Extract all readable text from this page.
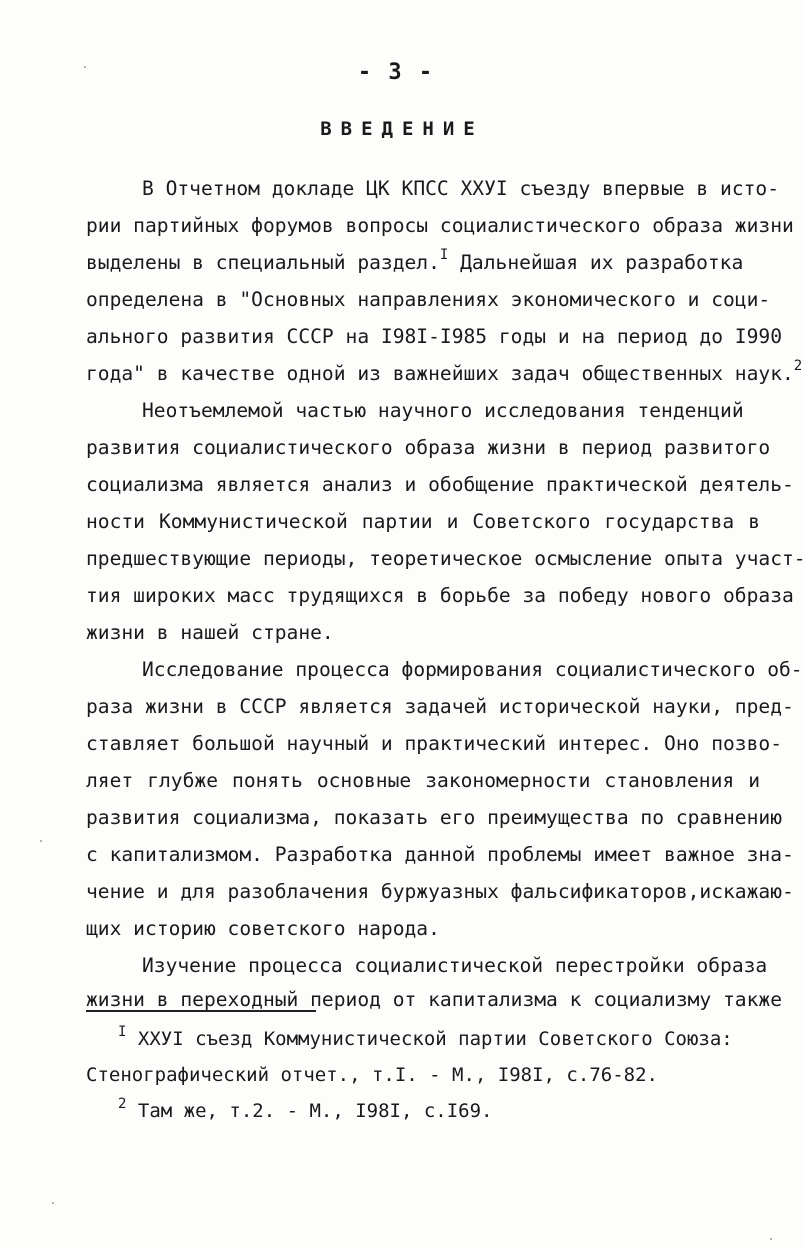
- 3 -
ВВЕДЕНИЕ
В Отчетном докладе ЦК КПСС XXУI съезду впервые в исто-
рии партийных форумов вопросы социалистического образа жизни
выделены в специальный раздел.$^I$ Дальнейшая их разработка
определена в "Основных направлениях экономического и соци-
ального развития СССР на I98I-I985 годы и на период до I990
года" в качестве одной из важнейших задач общественных наук.$^2$
Неотъемлемой частью научного исследования тенденций
развития социалистического образа жизни в период развитого
социализма является анализ и обобщение практической деятель-
ности Коммунистической партии и Советского государства в
предшествующие периоды, теоретическое осмысление опыта участ-
тия широких масс трудящихся в борьбе за победу нового образа
жизни в нашей стране.
Исследование процесса формирования социалистического об-
раза жизни в СССР является задачей исторической науки, пред-
ставляет большой научный и практический интерес. Оно позво-
ляет глубже понять основные закономерности становления и
развития социализма, показать его преимущества по сравнению
с капитализмом. Разработка данной проблемы имеет важное зна-
чение и для разоблачения буржуазных фальсификаторов,искажаю-
щих историю советского народа.
Изучение процесса социалистической перестройки образа
жизни в переходный период от капитализма к социализму также
$^I$ XXУI съезд Коммунистической партии Советского Союза:
Стенографический отчет., т.I. - М., I98I, с.76-82.
$^2$ Там же, т.2. - М., I98I, с.I69.
